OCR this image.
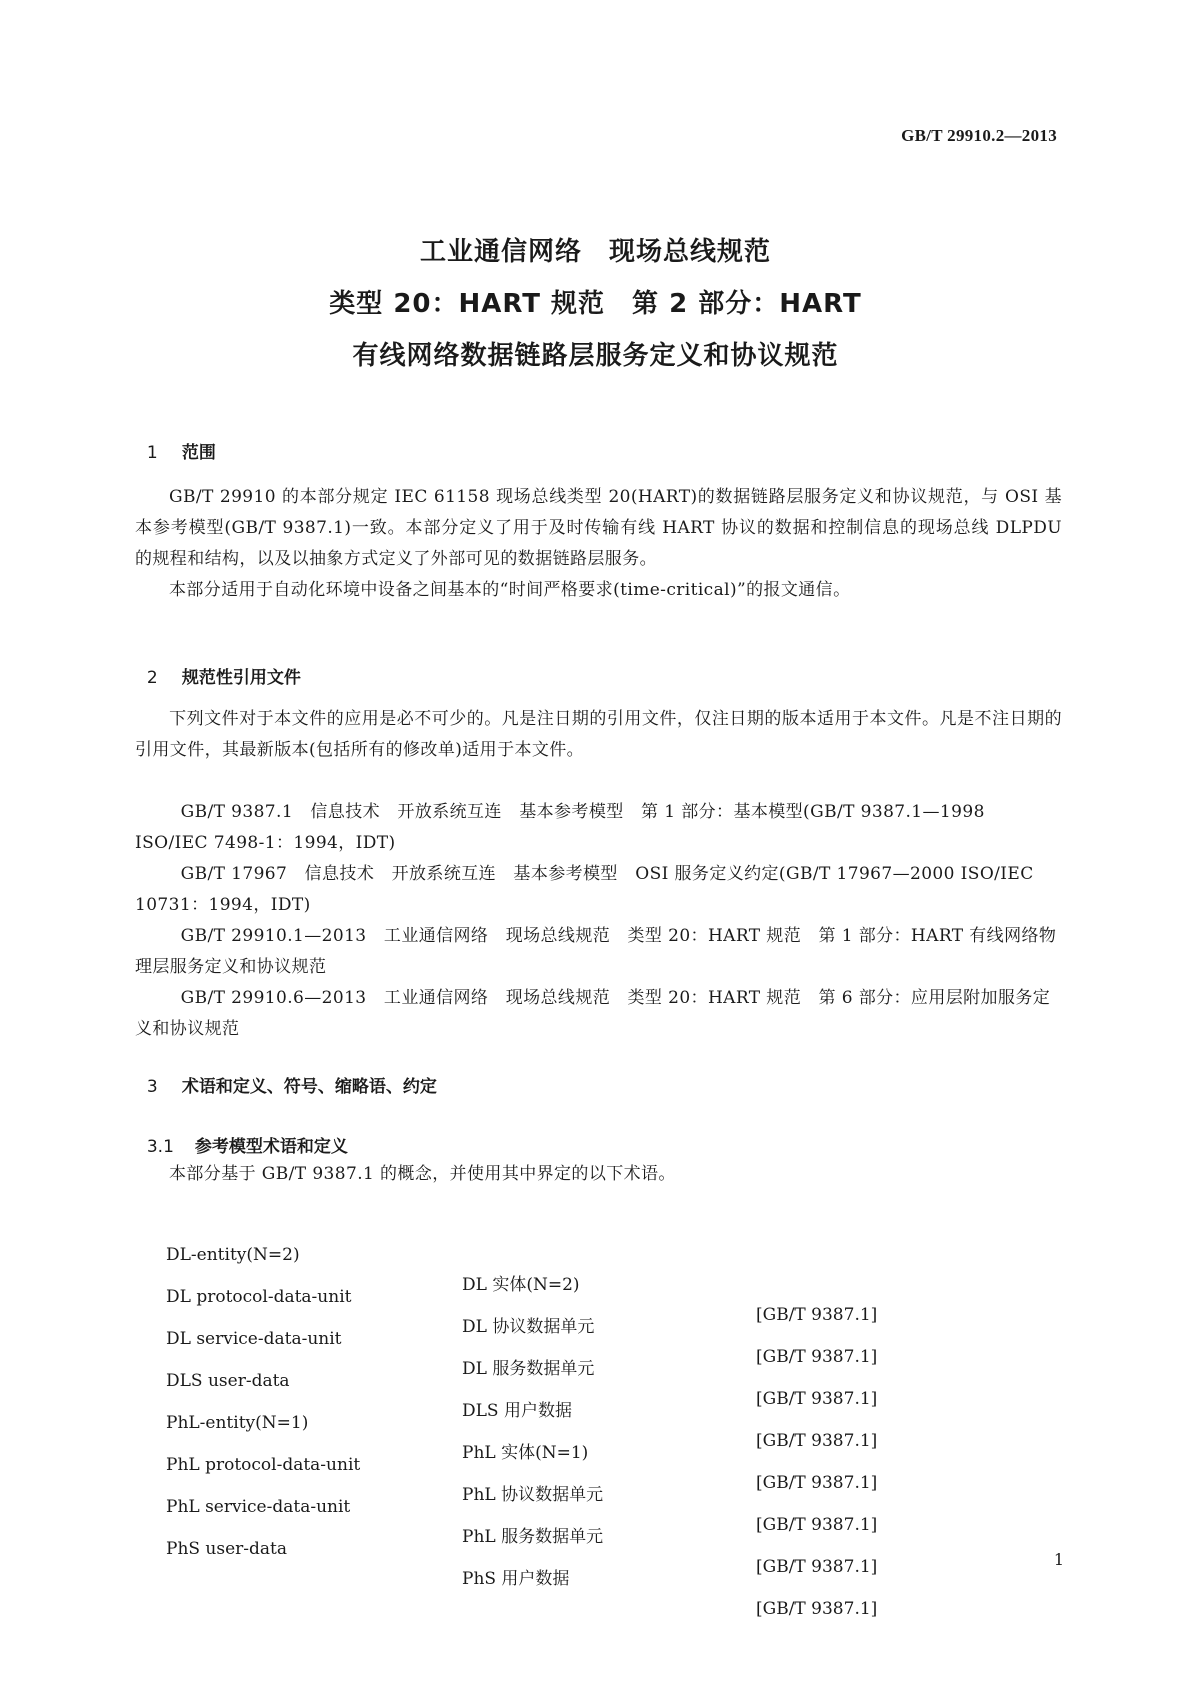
GB/T 29910.2—2013
工业通信网络　现场总线规范
类型 20：HART 规范　第 2 部分：HART
有线网络数据链路层服务定义和协议规范

1 范围

GB/T 29910 的本部分规定 IEC 61158 现场总线类型 20(HART)的数据链路层服务定义和协议规范，与 OSI 基本参考模型(GB/T 9387.1)一致。本部分定义了用于及时传输有线 HART 协议的数据和控制信息的现场总线 DLPDU 的规程和结构，以及以抽象方式定义了外部可见的数据链路层服务。
本部分适用于自动化环境中设备之间基本的“时间严格要求(time-critical)”的报文通信。

2 规范性引用文件

下列文件对于本文件的应用是必不可少的。凡是注日期的引用文件，仅注日期的版本适用于本文件。凡是不注日期的引用文件，其最新版本(包括所有的修改单)适用于本文件。

GB/T 9387.1　信息技术　开放系统互连　基本参考模型　第 1 部分：基本模型(GB/T 9387.1—1998 ISO/IEC 7498-1：1994，IDT)

GB/T 17967　信息技术　开放系统互连　基本参考模型　OSI 服务定义约定(GB/T 17967—2000 ISO/IEC 10731：1994，IDT)

GB/T 29910.1—2013　工业通信网络　现场总线规范　类型 20：HART 规范　第 1 部分：HART 有线网络物理层服务定义和协议规范

GB/T 29910.6—2013　工业通信网络　现场总线规范　类型 20：HART 规范　第 6 部分：应用层附加服务定义和协议规范

3 术语和定义、符号、缩略语、约定

3.1 参考模型术语和定义

本部分基于 GB/T 9387.1 的概念，并使用其中界定的以下术语。

DL-entity(N=2)

DL 实体(N=2)

[GB/T 9387.1]

DL protocol-data-unit

DL 协议数据单元

[GB/T 9387.1]

DL service-data-unit

DL 服务数据单元

[GB/T 9387.1]

DLS user-data

DLS 用户数据

[GB/T 9387.1]

PhL-entity(N=1)

PhL 实体(N=1)

[GB/T 9387.1]

PhL protocol-data-unit

PhL 协议数据单元

[GB/T 9387.1]

PhL service-data-unit

PhL 服务数据单元

[GB/T 9387.1]

PhS user-data

PhS 用户数据

[GB/T 9387.1]

1
